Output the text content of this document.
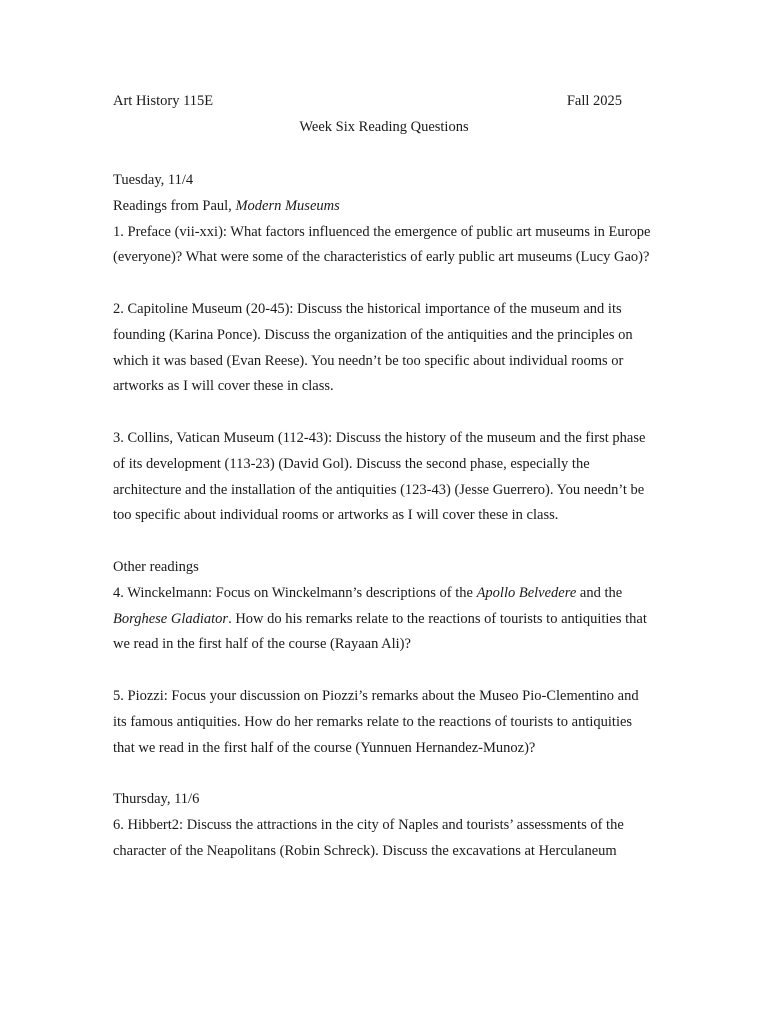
Art History 115E	Fall 2025
Week Six Reading Questions

Tuesday, 11/4

Readings from Paul, Modern Museums

1. Preface (vii-xxi): What factors influenced the emergence of public art museums in Europe (everyone)? What were some of the characteristics of early public art museums (Lucy Gao)?

2. Capitoline Museum (20-45): Discuss the historical importance of the museum and its founding (Karina Ponce). Discuss the organization of the antiquities and the principles on which it was based (Evan Reese). You needn’t be too specific about individual rooms or artworks as I will cover these in class.

3. Collins, Vatican Museum (112-43): Discuss the history of the museum and the first phase of its development (113-23) (David Gol). Discuss the second phase, especially the architecture and the installation of the antiquities (123-43) (Jesse Guerrero). You needn’t be too specific about individual rooms or artworks as I will cover these in class.

Other readings

4. Winckelmann: Focus on Winckelmann’s descriptions of the Apollo Belvedere and the Borghese Gladiator. How do his remarks relate to the reactions of tourists to antiquities that we read in the first half of the course (Rayaan Ali)?

5. Piozzi: Focus your discussion on Piozzi’s remarks about the Museo Pio-Clementino and its famous antiquities. How do her remarks relate to the reactions of tourists to antiquities that we read in the first half of the course (Yunnuen Hernandez-Munoz)?

Thursday, 11/6

6. Hibbert2: Discuss the attractions in the city of Naples and tourists’ assessments of the character of the Neapolitans (Robin Schreck). Discuss the excavations at Herculaneum
